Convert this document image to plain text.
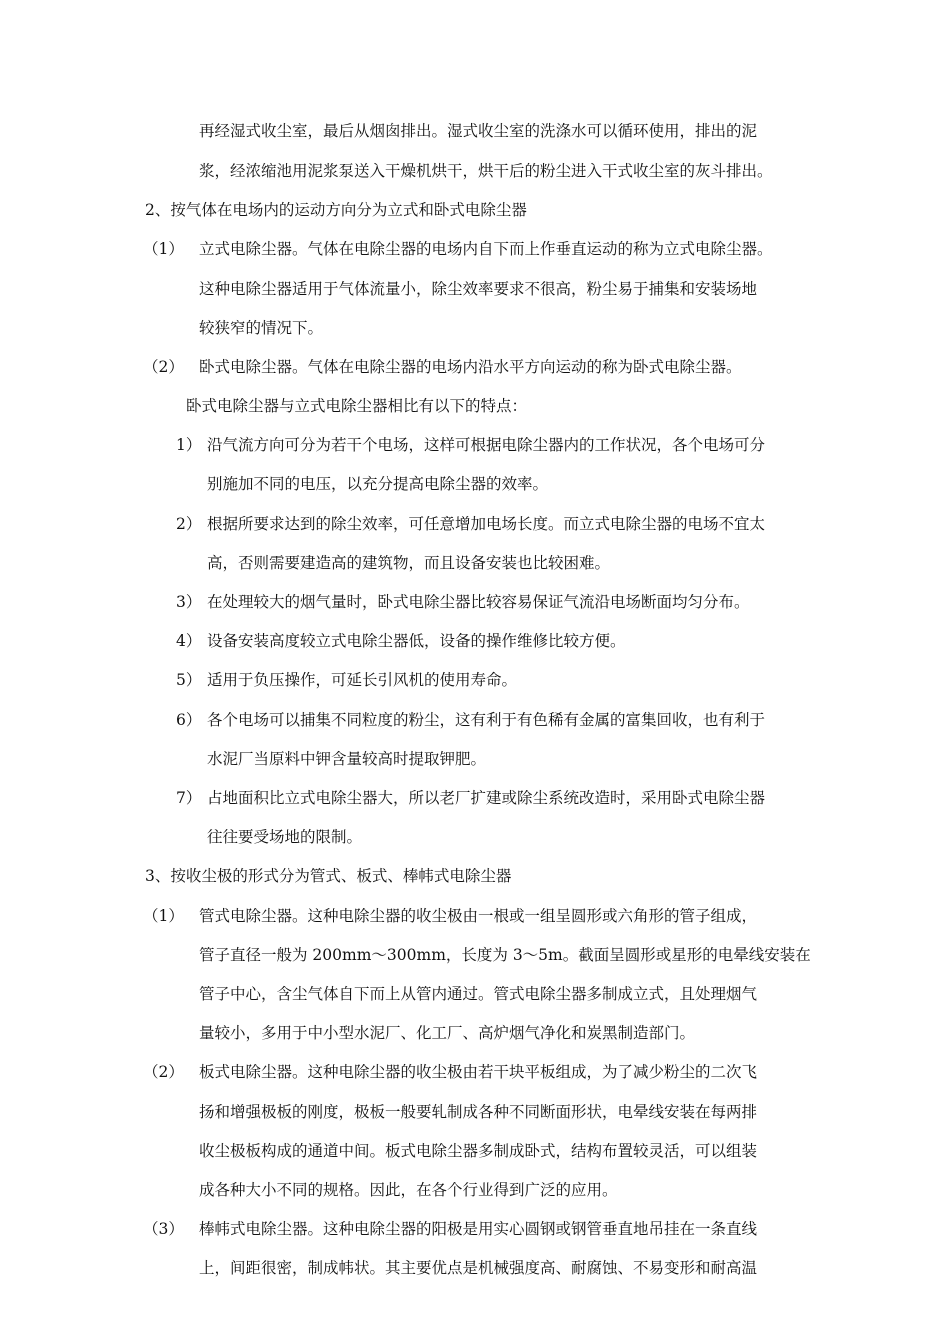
再经湿式收尘室，最后从烟囱排出。湿式收尘室的洗涤水可以循环使用，排出的泥
浆，经浓缩池用泥浆泵送入干燥机烘干，烘干后的粉尘进入干式收尘室的灰斗排出。
2、按气体在电场内的运动方向分为立式和卧式电除尘器
（1） 立式电除尘器。气体在电除尘器的电场内自下而上作垂直运动的称为立式电除尘器。
这种电除尘器适用于气体流量小，除尘效率要求不很高，粉尘易于捕集和安装场地
较狭窄的情况下。
（2） 卧式电除尘器。气体在电除尘器的电场内沿水平方向运动的称为卧式电除尘器。
卧式电除尘器与立式电除尘器相比有以下的特点：
1） 沿气流方向可分为若干个电场，这样可根据电除尘器内的工作状况，各个电场可分
别施加不同的电压，以充分提高电除尘器的效率。
2） 根据所要求达到的除尘效率，可任意增加电场长度。而立式电除尘器的电场不宜太
高，否则需要建造高的建筑物，而且设备安装也比较困难。
3） 在处理较大的烟气量时，卧式电除尘器比较容易保证气流沿电场断面均匀分布。
4） 设备安装高度较立式电除尘器低，设备的操作维修比较方便。
5） 适用于负压操作，可延长引风机的使用寿命。
6） 各个电场可以捕集不同粒度的粉尘，这有利于有色稀有金属的富集回收，也有利于
水泥厂当原料中钾含量较高时提取钾肥。
7） 占地面积比立式电除尘器大，所以老厂扩建或除尘系统改造时，采用卧式电除尘器
往往要受场地的限制。
3、按收尘极的形式分为管式、板式、棒帏式电除尘器
（1） 管式电除尘器。这种电除尘器的收尘极由一根或一组呈圆形或六角形的管子组成，
管子直径一般为 200mm～300mm，长度为 3～5m。截面呈圆形或星形的电晕线安装在
管子中心，含尘气体自下而上从管内通过。管式电除尘器多制成立式，且处理烟气
量较小，多用于中小型水泥厂、化工厂、高炉烟气净化和炭黑制造部门。
（2） 板式电除尘器。这种电除尘器的收尘极由若干块平板组成，为了减少粉尘的二次飞
扬和增强极板的刚度，极板一般要轧制成各种不同断面形状，电晕线安装在每两排
收尘极板构成的通道中间。板式电除尘器多制成卧式，结构布置较灵活，可以组装
成各种大小不同的规格。因此，在各个行业得到广泛的应用。
（3） 棒帏式电除尘器。这种电除尘器的阳极是用实心圆钢或钢管垂直地吊挂在一条直线
上，间距很密，制成帏状。其主要优点是机械强度高、耐腐蚀、不易变形和耐高温
